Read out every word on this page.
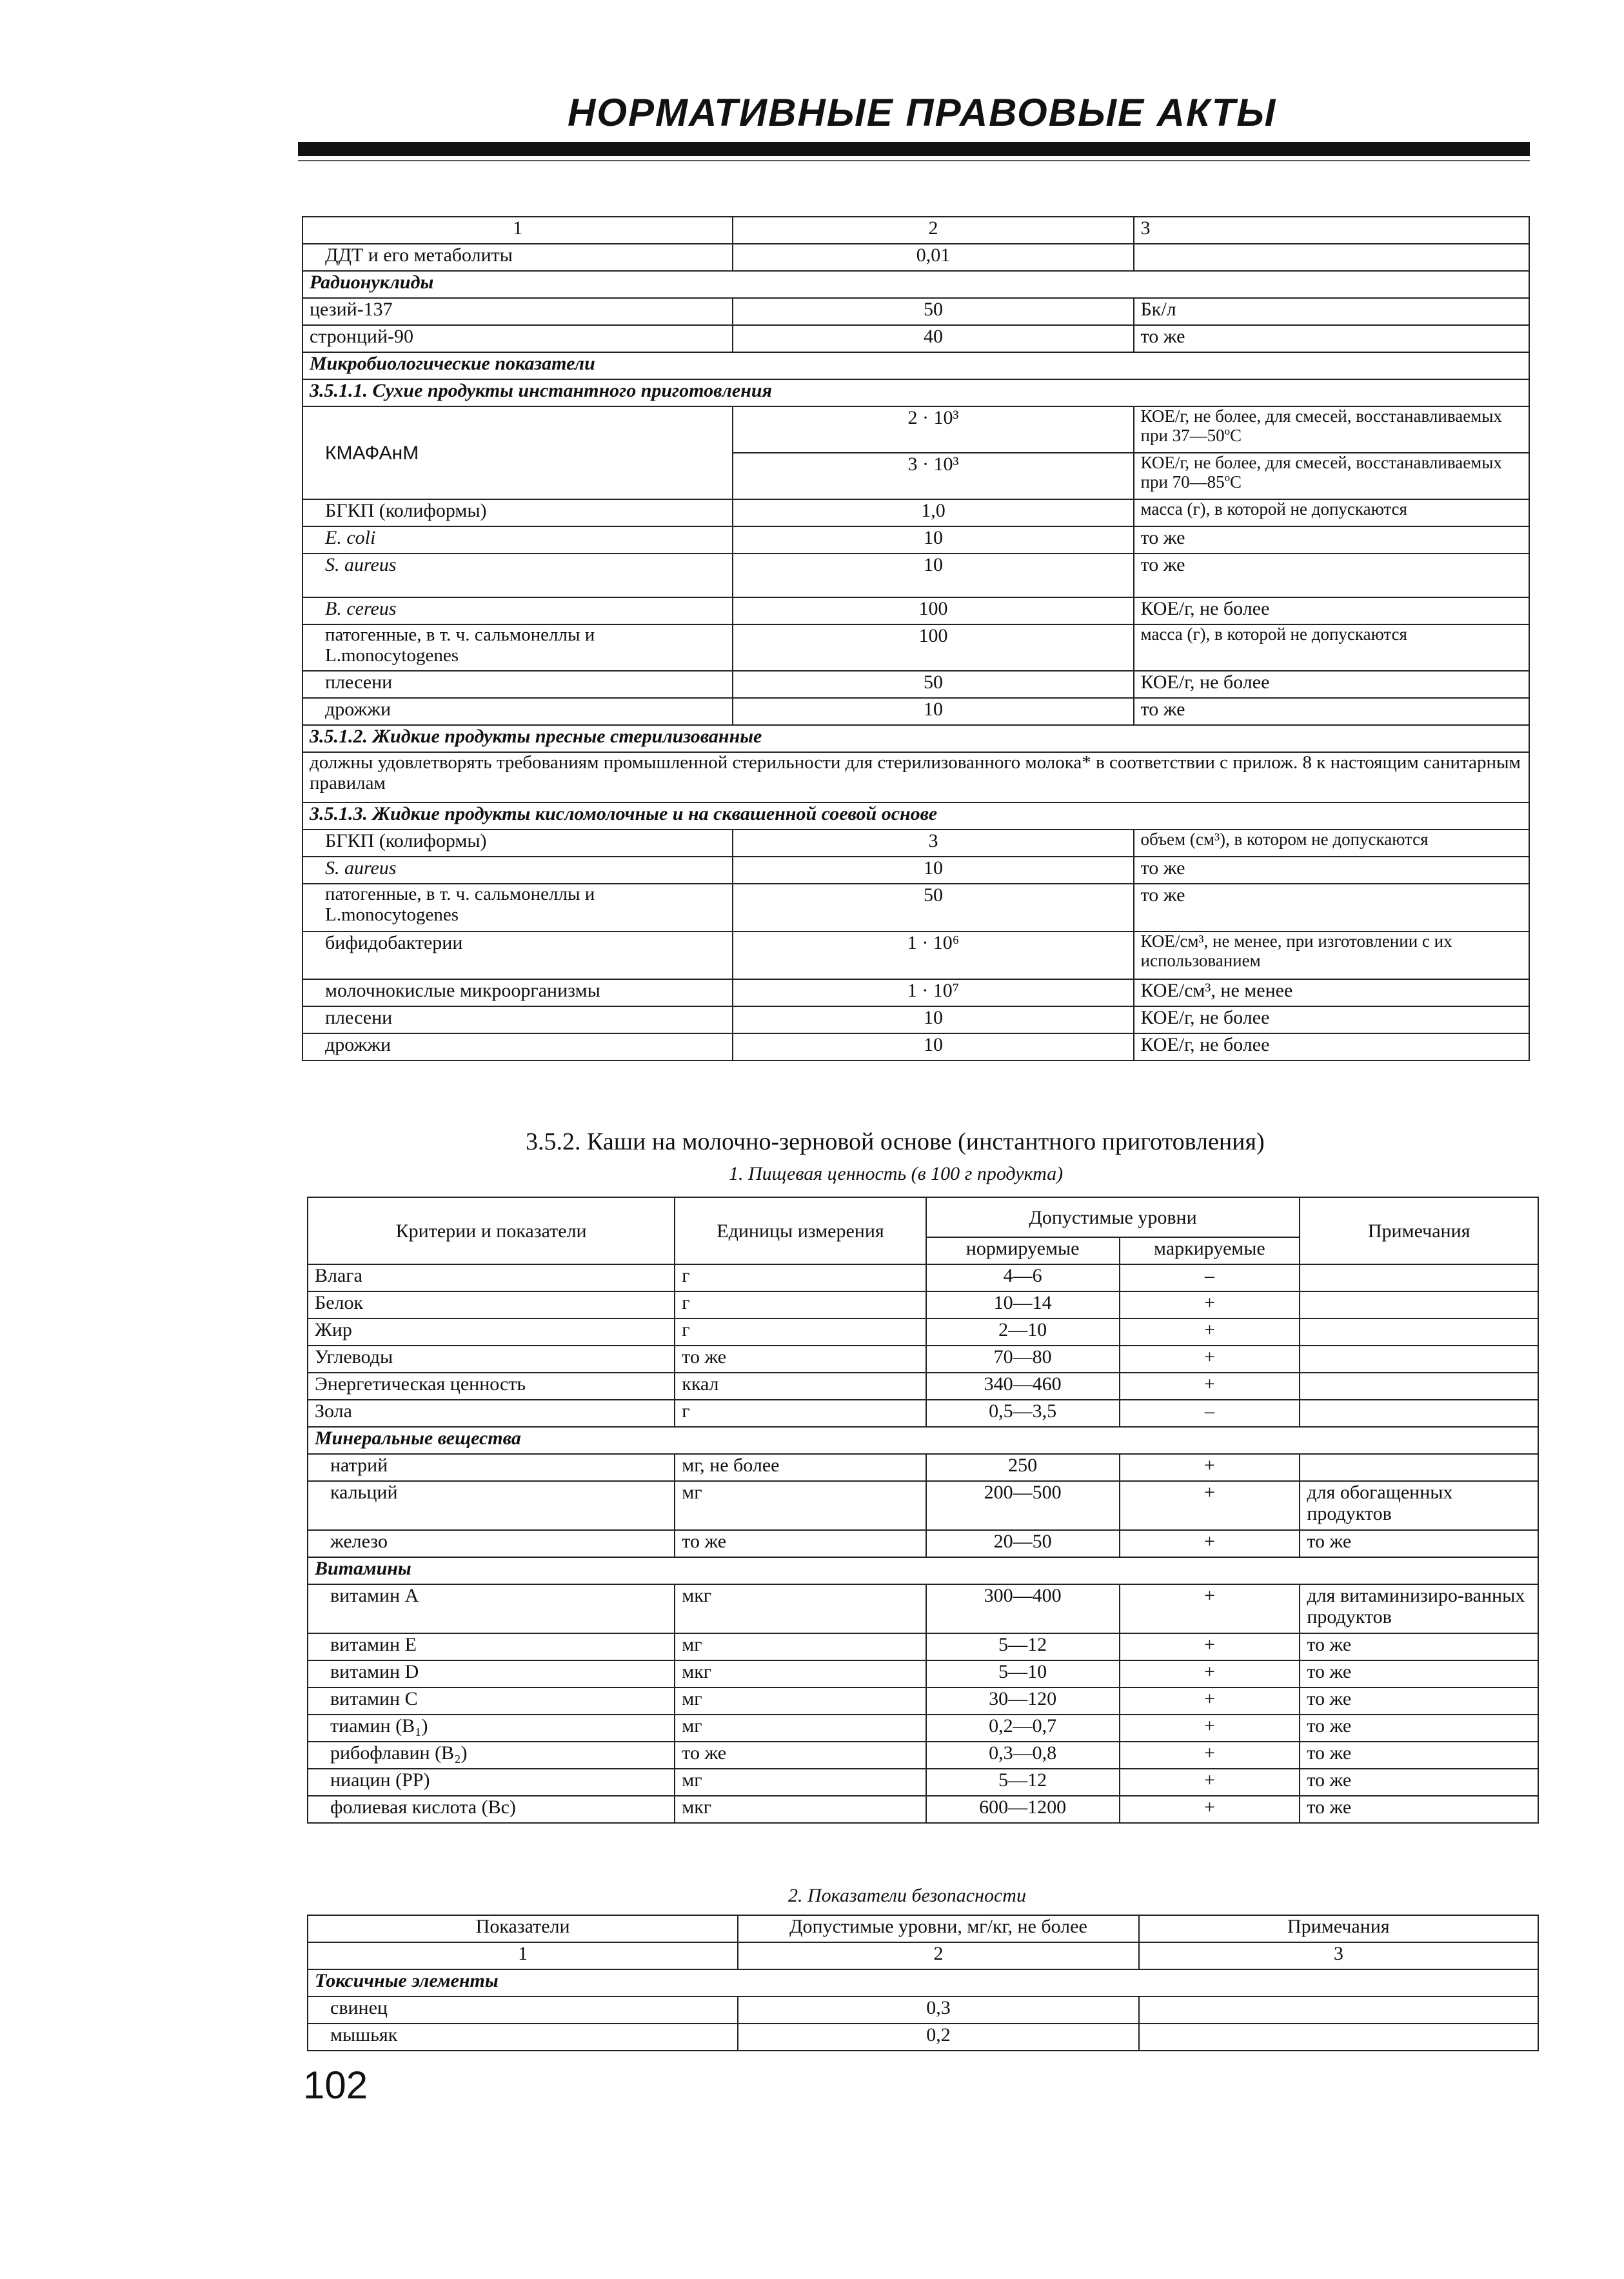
НОРМАТИВНЫЕ ПРАВОВЫЕ АКТЫ
1	2	3
ДДТ и его метаболиты	0,01	
Радионуклиды		
цезий-137	50	Бк/л
стронций-90	40	то же
Микробиологические показатели		
3.5.1.1. Сухие продукты инстантного приготовления		
КМАФАнМ	2 · 10³	КОЕ/г, не более, для смесей, восстанавливаемых при 37—50ºС
	3 · 10³	КОЕ/г, не более, для смесей, восстанавливаемых при 70—85ºС
БГКП (колиформы)	1,0	масса (г), в которой не допускаются
E. coli	10	то же
S. aureus	10	то же
B. cereus	100	КОЕ/г, не более
патогенные, в т. ч. сальмонеллы и L.monocytogenes	100	масса (г), в которой не допускаются
плесени	50	КОЕ/г, не более
дрожжи	10	то же
3.5.1.2. Жидкие продукты пресные стерилизованные		
должны удовлетворять требованиям промышленной стерильности для стерилизованного молока* в соответствии с прилож. 8 к настоящим санитарным правилам		
3.5.1.3. Жидкие продукты кисломолочные и на сквашенной соевой основе		
БГКП (колиформы)	3	объем (см³), в котором не допускаются
S. aureus	10	то же
патогенные, в т. ч. сальмонеллы и L.monocytogenes	50	то же
бифидобактерии	1 · 10⁶	КОЕ/см³, не менее, при изготовлении с их использованием
молочнокислые микроорганизмы	1 · 10⁷	КОЕ/см³, не менее
плесени	10	КОЕ/г, не более
дрожжи	10	КОЕ/г, не более
3.5.2. Каши на молочно-зерновой основе (инстантного приготовления)
1. Пищевая ценность (в 100 г продукта)
Критерии и показатели	Единицы измерения	Допустимые уровни		Примечания
		нормируемые	маркируемые	
Влага	г	4—6	–	
Белок	г	10—14	+	
Жир	г	2—10	+	
Углеводы	то же	70—80	+	
Энергетическая ценность	ккал	340—460	+	
Зола	г	0,5—3,5	–	
Минеральные вещества				
натрий	мг, не более	250	+	
кальций	мг	200—500	+	для обогащенных продуктов
железо	то же	20—50	+	то же
Витамины				
витамин А	мкг	300—400	+	для витаминизиро-ванных продуктов
витамин Е	мг	5—12	+	то же
витамин D	мкг	5—10	+	то же
витамин С	мг	30—120	+	то же
тиамин (B₁)	мг	0,2—0,7	+	то же
рибофлавин (B₂)	то же	0,3—0,8	+	то же
ниацин (PP)	мг	5—12	+	то же
фолиевая кислота (Bc)	мкг	600—1200	+	то же
2. Показатели безопасности
Показатели	Допустимые уровни, мг/кг, не более	Примечания
1	2	3
Токсичные элементы		
свинец	0,3	
мышьяк	0,2	
102
